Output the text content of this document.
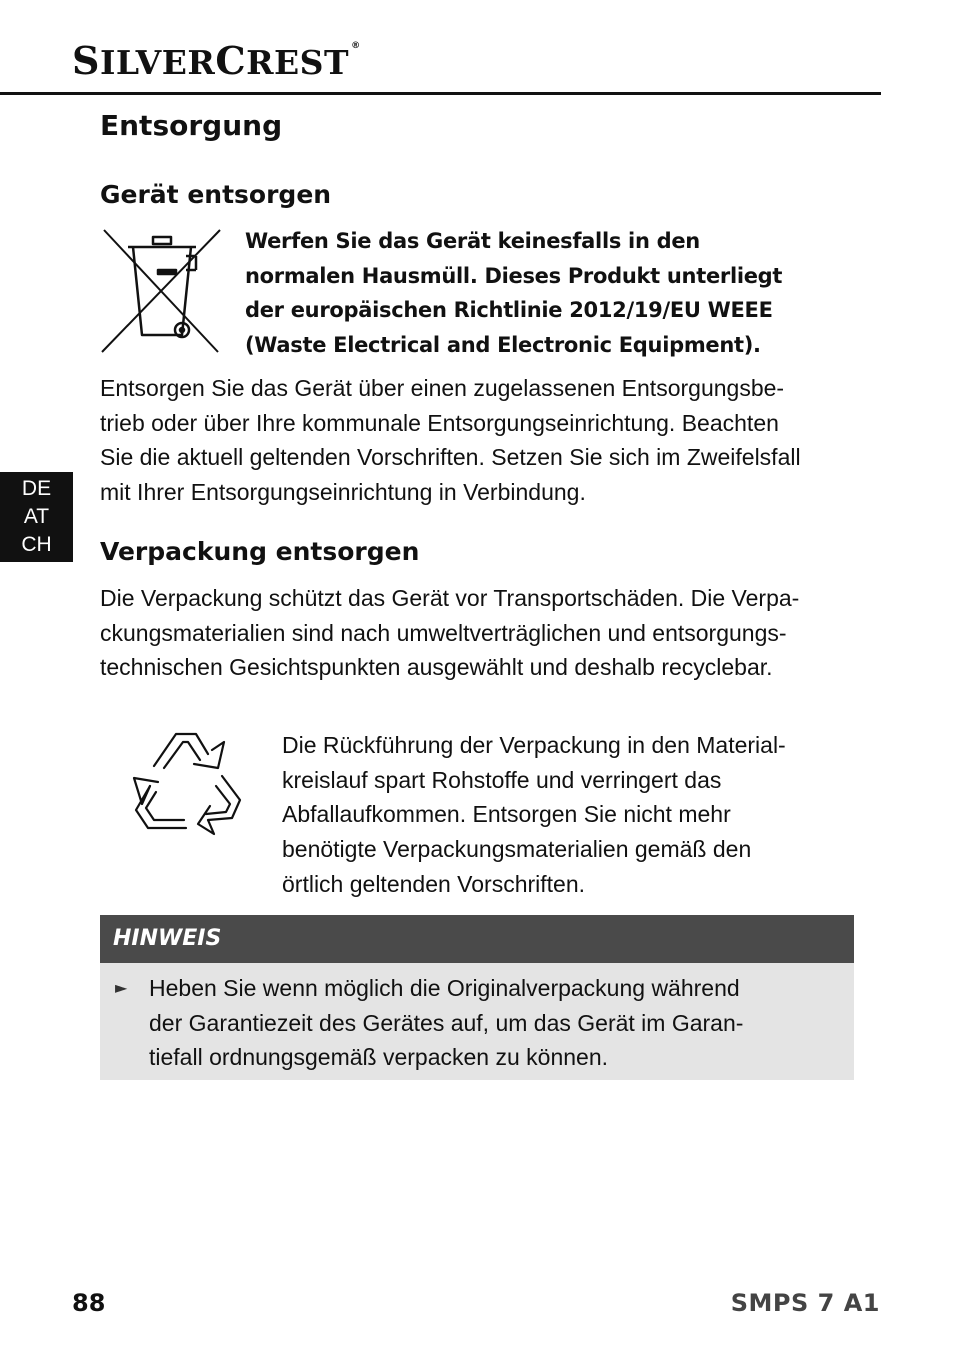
SILVERCREST ®
Entsorgung
Gerät entsorgen
Werfen Sie das Gerät keinesfalls in den
normalen Hausmüll. Dieses Produkt unterliegt
der europäischen Richtlinie 2012/19/EU WEEE
(Waste Electrical and Electronic Equipment).
Entsorgen Sie das Gerät über einen zugelassenen Entsorgungsbe-
trieb oder über Ihre kommunale Entsorgungseinrichtung. Beachten
Sie die aktuell geltenden Vorschriften. Setzen Sie sich im Zweifelsfall
mit Ihrer Entsorgungseinrichtung in Verbindung.
DE
AT
CH	Verpackung entsorgen
Die Verpackung schützt das Gerät vor Transportschäden. Die Verpa-
ckungsmaterialien sind nach umweltverträglichen und entsorgungs-
technischen Gesichtspunkten ausgewählt und deshalb recyclebar.
Die Rückführung der Verpackung in den Material-
kreislauf spart Rohstoffe und verringert das
Abfallaufkommen. Entsorgen Sie nicht mehr
benötigte Verpackungsmaterialien gemäß den
örtlich geltenden Vorschriften.
HINWEIS
► Heben Sie wenn möglich die Originalverpackung während
der Garantiezeit des Gerätes auf, um das Gerät im Garan-
tiefall ordnungsgemäß verpacken zu können.
88	SMPS 7 A1
